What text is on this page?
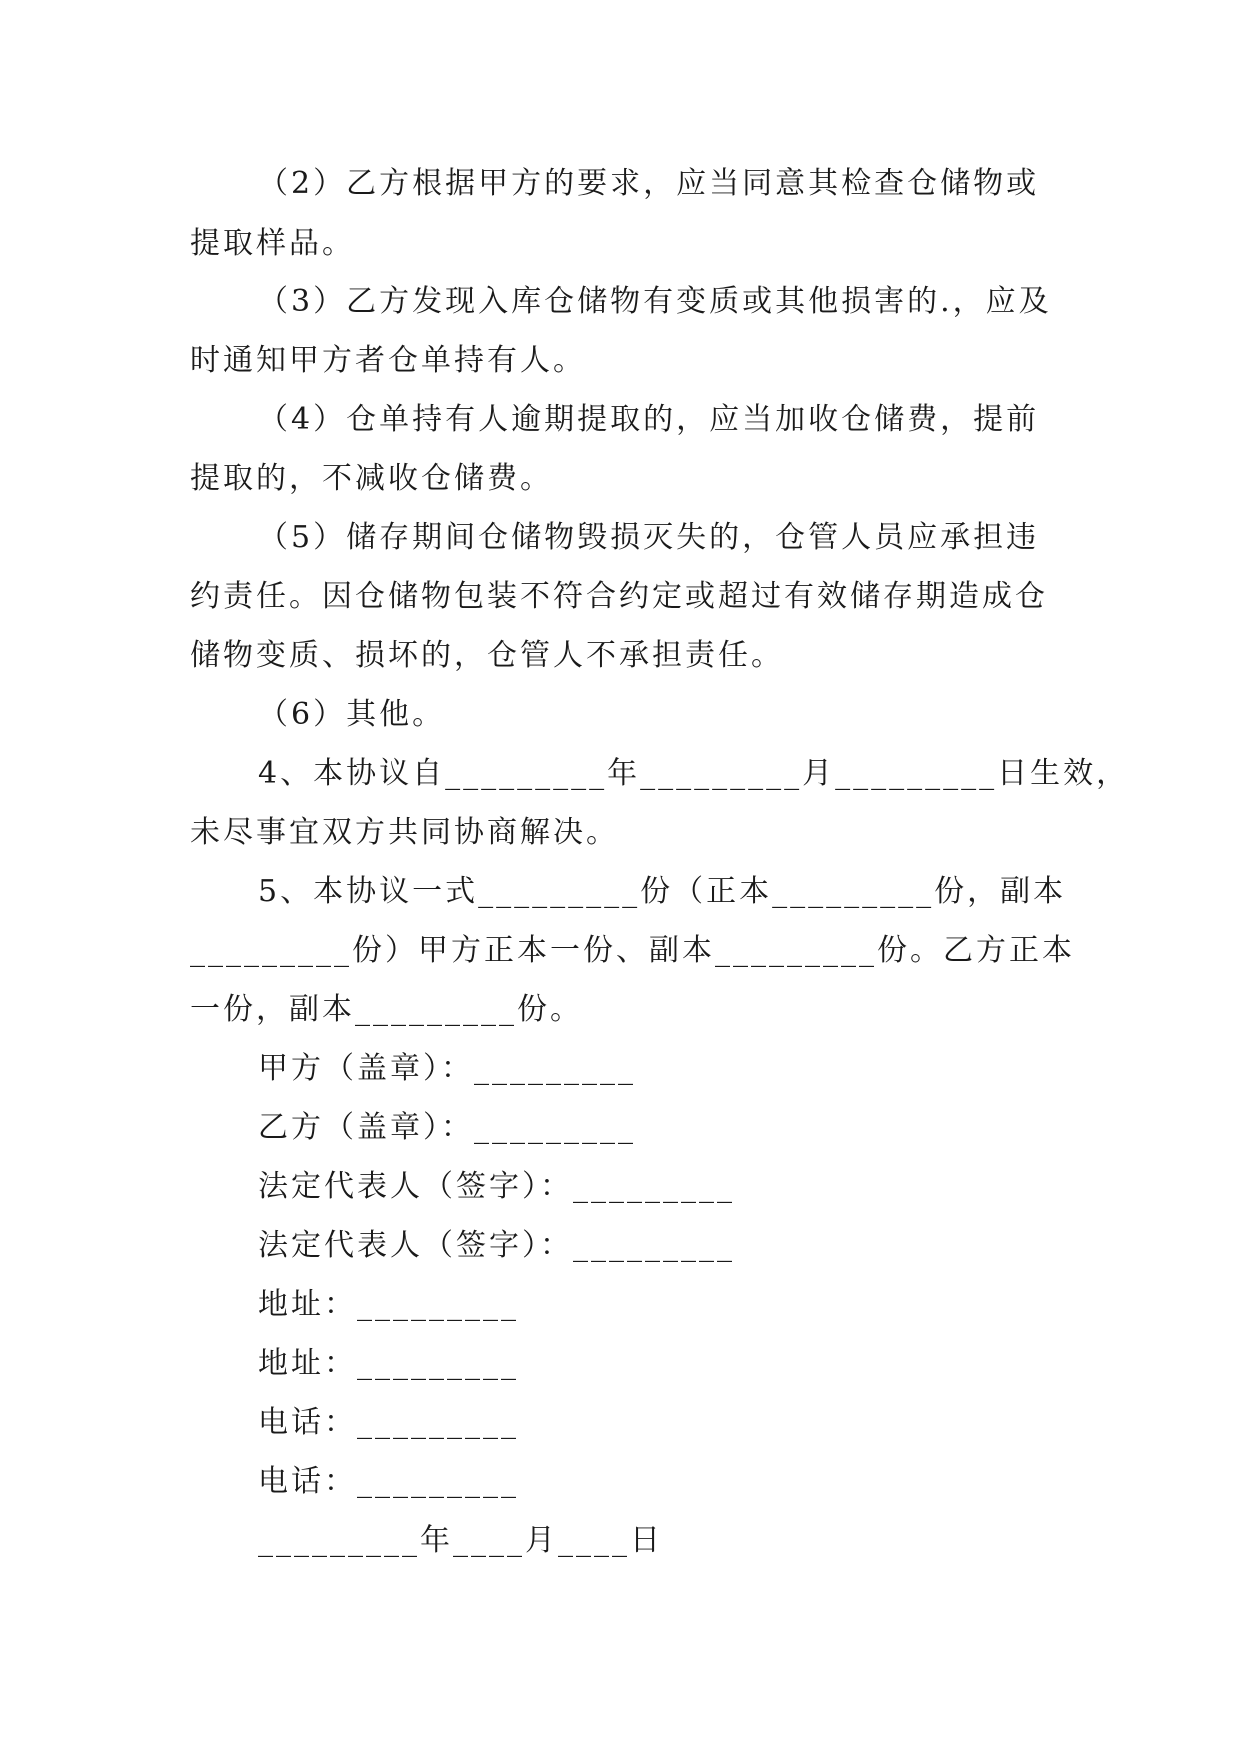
（2）乙方根据甲方的要求，应当同意其检查仓储物或
提取样品。
（3）乙方发现入库仓储物有变质或其他损害的.，应及
时通知甲方者仓单持有人。
（4）仓单持有人逾期提取的，应当加收仓储费，提前
提取的，不减收仓储费。
（5）储存期间仓储物毁损灭失的，仓管人员应承担违
约责任。因仓储物包装不符合约定或超过有效储存期造成仓
储物变质、损坏的，仓管人不承担责任。
（6）其他。
4、本协议自_________年_________月_________日生效，
未尽事宜双方共同协商解决。
5、本协议一式_________份（正本_________份，副本
_________份）甲方正本一份、副本_________份。乙方正本
一份，副本_________份。
甲方（盖章）：_________
乙方（盖章）：_________
法定代表人（签字）：_________
法定代表人（签字）：_________
地址：_________
地址：_________
电话：_________
电话：_________
_________年____月____日
